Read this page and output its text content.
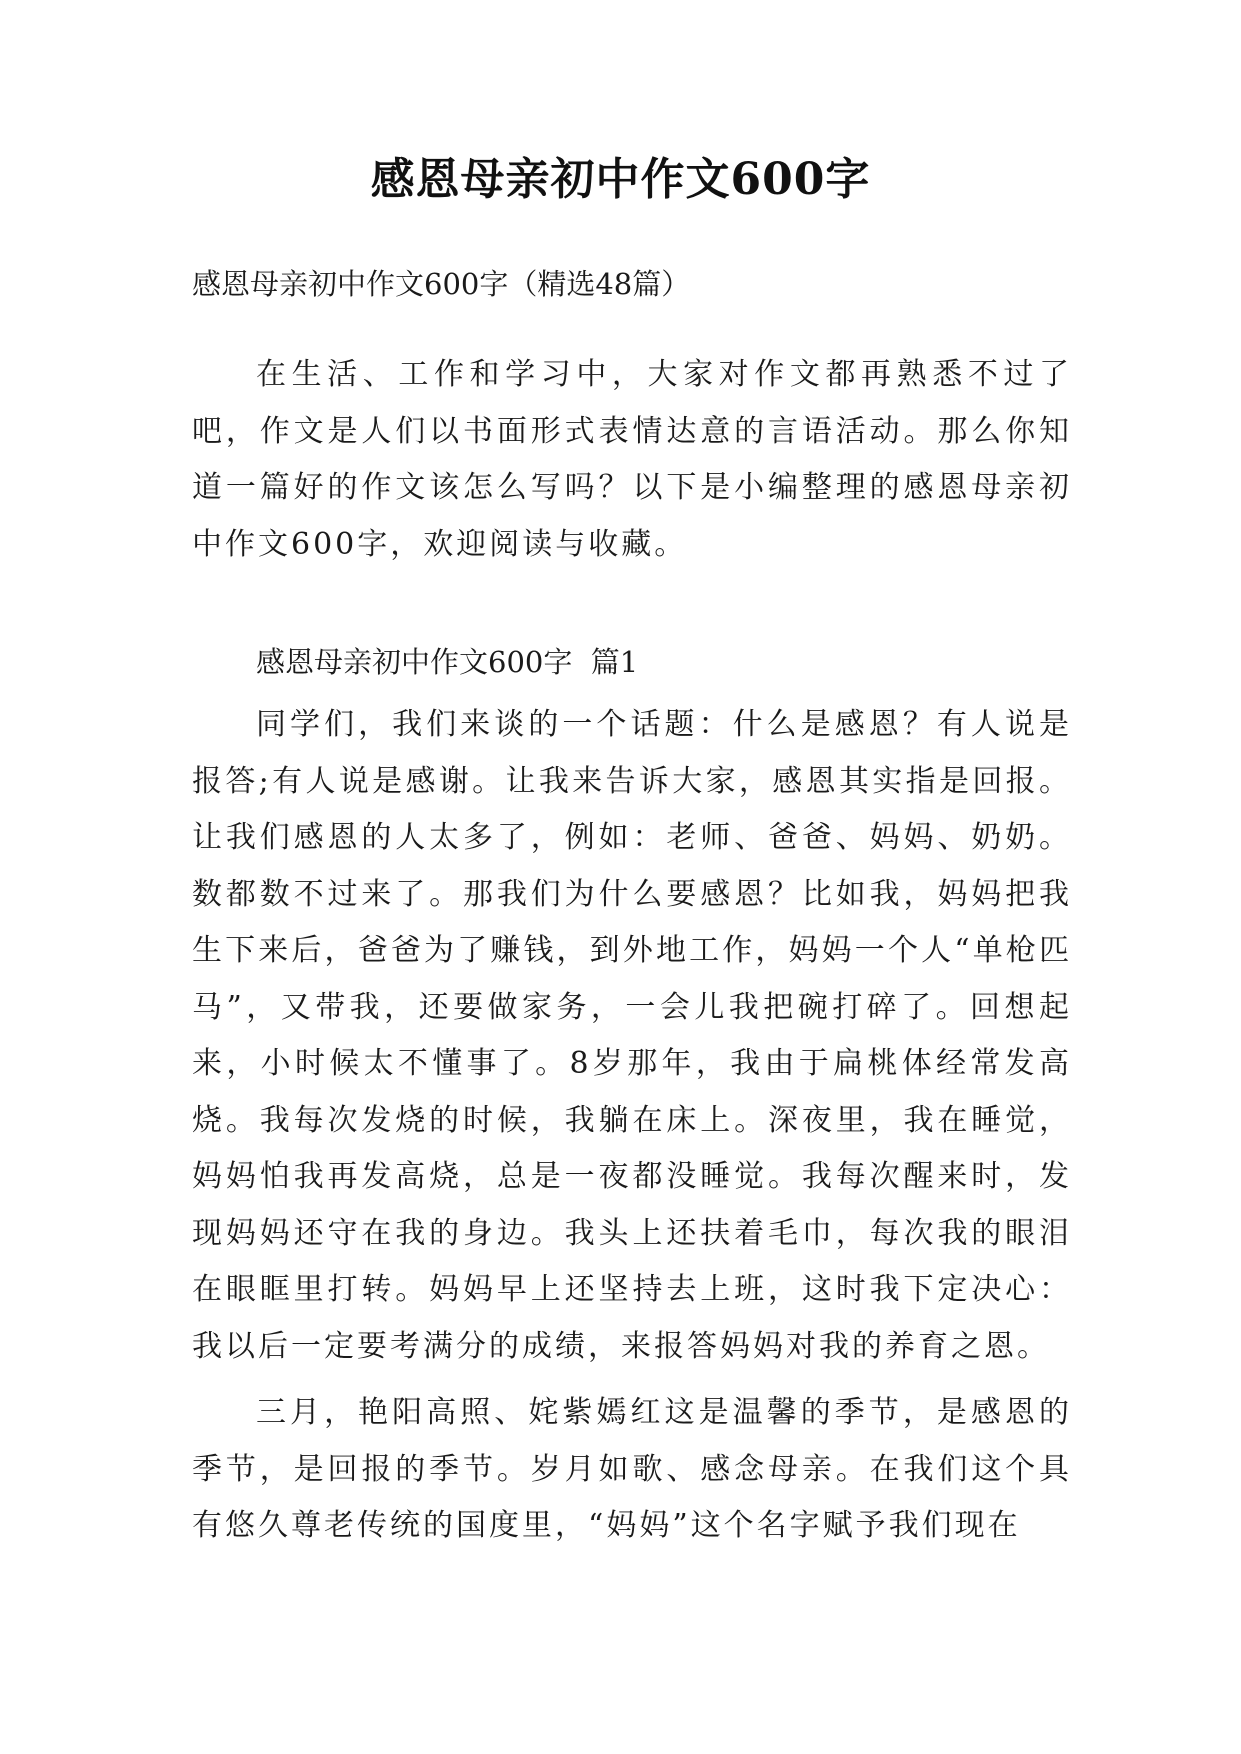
感恩母亲初中作文600字
感恩母亲初中作文600字（精选48篇）

在生活、工作和学习中，大家对作文都再熟悉不过了吧，作文是人们以书面形式表情达意的言语活动。那么你知道一篇好的作文该怎么写吗？以下是小编整理的感恩母亲初中作文600字，欢迎阅读与收藏。

感恩母亲初中作文600字  篇1

同学们，我们来谈的一个话题：什么是感恩？有人说是报答;有人说是感谢。让我来告诉大家，感恩其实指是回报。让我们感恩的人太多了，例如：老师、爸爸、妈妈、奶奶。数都数不过来了。那我们为什么要感恩？比如我，妈妈把我生下来后，爸爸为了赚钱，到外地工作，妈妈一个人“单枪匹马”，又带我，还要做家务，一会儿我把碗打碎了。回想起来，小时候太不懂事了。8岁那年，我由于扁桃体经常发高烧。我每次发烧的时候，我躺在床上。深夜里，我在睡觉，妈妈怕我再发高烧，总是一夜都没睡觉。我每次醒来时，发现妈妈还守在我的身边。我头上还扶着毛巾，每次我的眼泪在眼眶里打转。妈妈早上还坚持去上班，这时我下定决心：我以后一定要考满分的成绩，来报答妈妈对我的养育之恩。

三月，艳阳高照、姹紫嫣红这是温馨的季节，是感恩的季节，是回报的季节。岁月如歌、感念母亲。在我们这个具有悠久尊老传统的国度里，“妈妈”这个名字赋予我们现在
